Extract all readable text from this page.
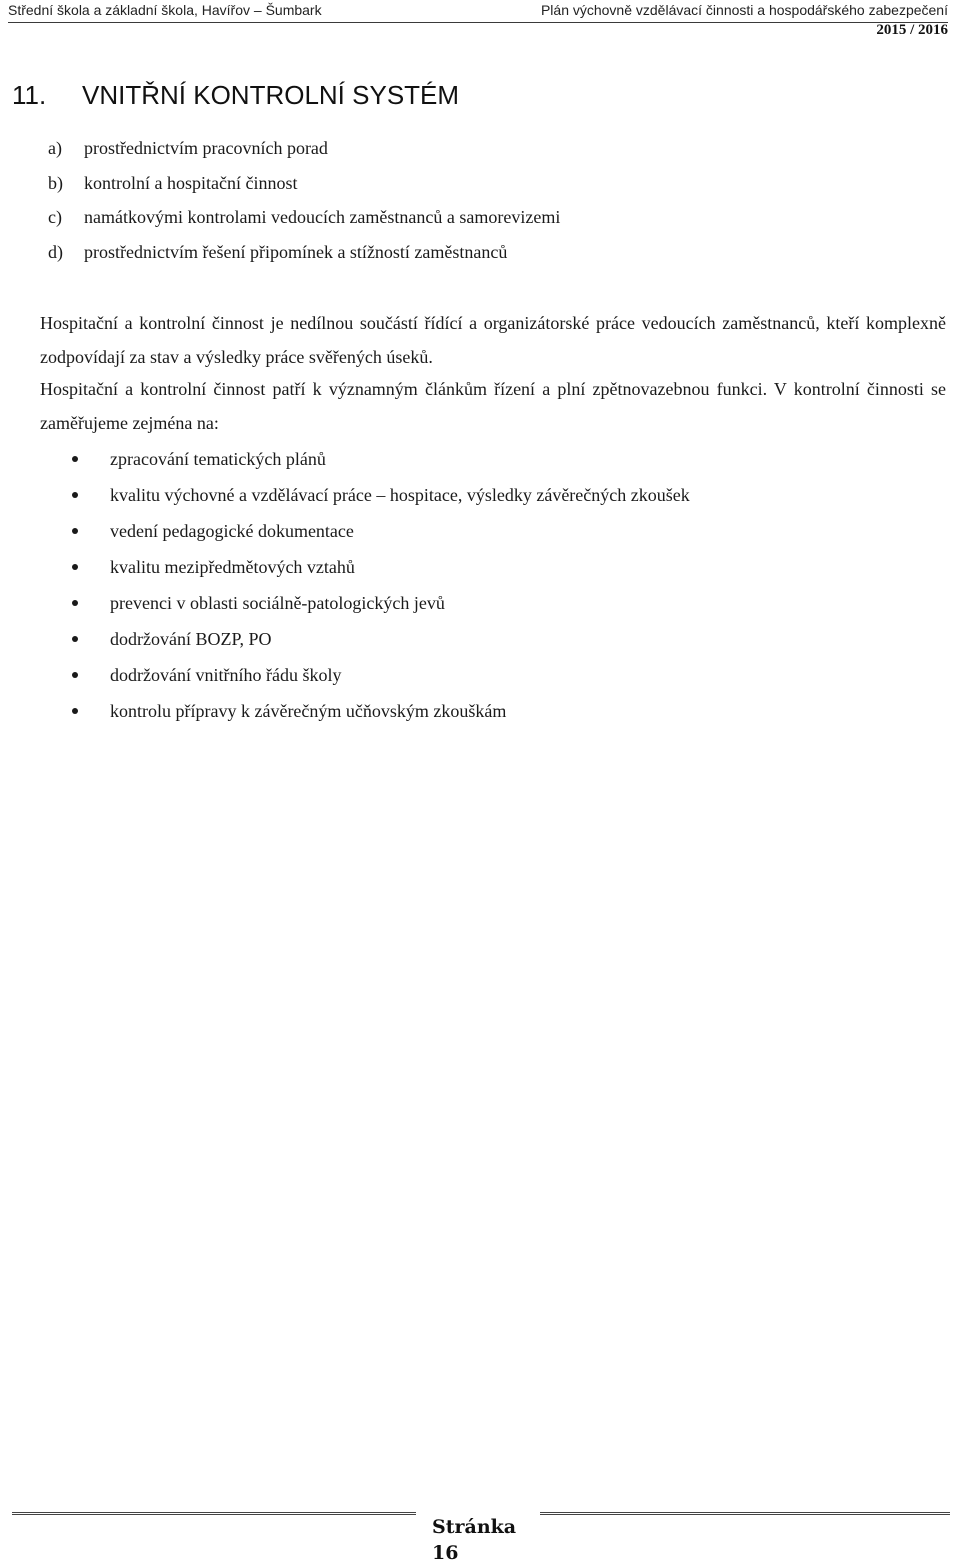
Střední škola a základní škola, Havířov – Šumbark	Plán výchovně vzdělávací činnosti a hospodářského zabezpečení
2015 / 2016
11. VNITŘNÍ KONTROLNÍ SYSTÉM
a) prostřednictvím pracovních porad
b) kontrolní a hospitační činnost
c) namátkovými kontrolami vedoucích zaměstnanců a samorevizemi
d) prostřednictvím řešení připomínek a stížností zaměstnanců

Hospitační a kontrolní činnost je nedílnou součástí řídící a organizátorské práce vedoucích zaměstnanců, kteří komplexně zodpovídají za stav a výsledky práce svěřených úseků.

Hospitační a kontrolní činnost patří k významným článkům řízení a plní zpětnovazebnou funkci. V kontrolní činnosti se zaměřujeme zejména na:

zpracování tematických plánů
kvalitu výchovné a vzdělávací práce – hospitace, výsledky závěrečných zkoušek
vedení pedagogické dokumentace
kvalitu mezipředmětových vztahů
prevenci v oblasti sociálně-patologických jevů
dodržování BOZP, PO
dodržování vnitřního řádu školy
kontrolu přípravy k závěrečným učňovským zkouškám
Stránka
16
